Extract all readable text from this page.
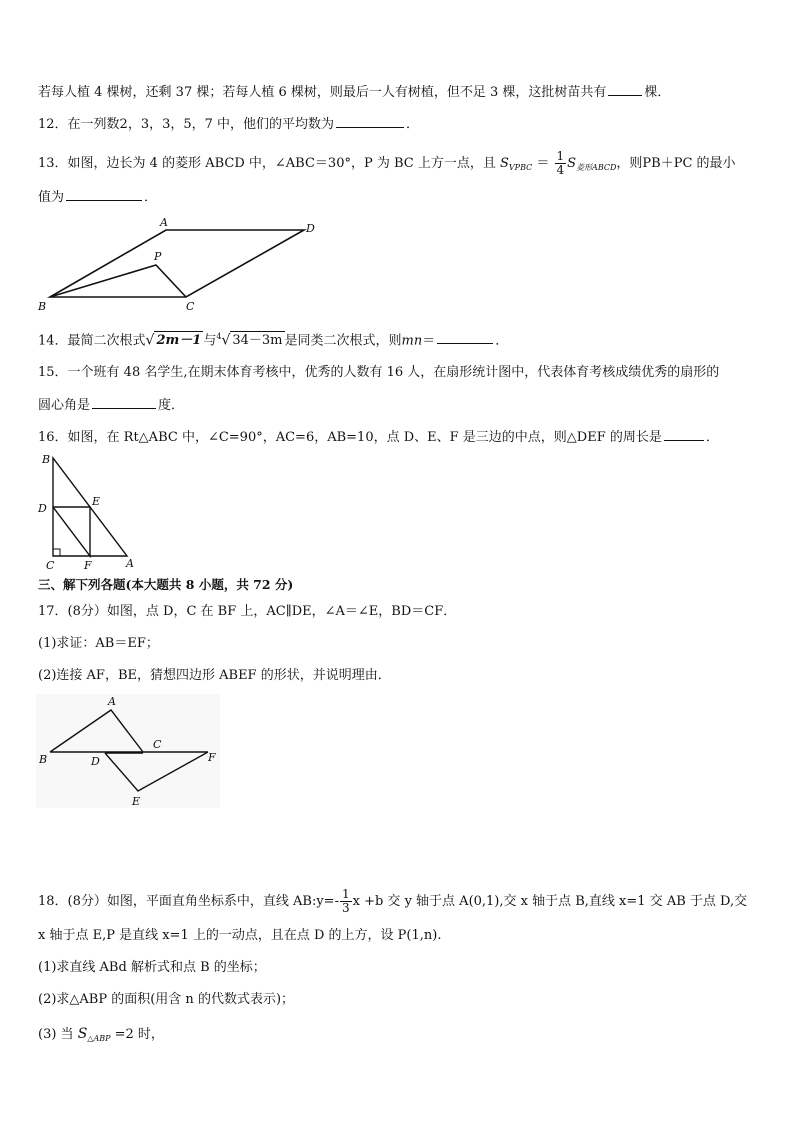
若每人植 4 棵树，还剩 37 棵；若每人植 6 棵树，则最后一人有树植，但不足 3 棵，这批树苗共有	棵．
12．在一列数2，3，3，5，7 中，他们的平均数为	．
13．如图，边长为 4 的菱形 ABCD 中，∠ABC＝30°，P 为 BC 上方一点，且 $S_{VPBC} = \frac{1}{4} S_{菱形ABCD}$，则PB＋PC 的最小
值为	．
A	D
P
B	C
14．最简二次根式√ 2m－1 与$^4$√ 34－3m 是同类二次根式，则mn＝	．
15．一个班有 48 名学生,在期末体育考核中，优秀的人数有 16 人，在扇形统计图中，代表体育考核成绩优秀的扇形的
圆心角是	度．
16．如图，在 Rt△ABC 中，∠C=90°，AC=6，AB=10，点 D、E、F 是三边的中点，则△DEF 的周长是	．
B
D
E
C	F	A
三、解下列各题(本大题共 8 小题，共 72 分)
17．(8分）如图，点 D，C 在 BF 上，AC∥DE，∠A＝∠E，BD＝CF．
(1)求证：AB＝EF；
(2)连接 AF，BE，猜想四边形 ABEF 的形状，并说明理由．
A
C
B	D	F
E
18．(8分）如图，平面直角坐标系中，直线 AB:y=- $\frac{1}{3}$ x +b 交 y 轴于点 A(0,1),交 x 轴于点 B,直线 x=1 交 AB 于点 D,交
x 轴于点 E,P 是直线 x=1 上的一动点，且在点 D 的上方，设 P(1,n).
(1)求直线 ABd 解析式和点 B 的坐标；
(2)求△ABP 的面积(用含 n 的代数式表示)；
(3) 当 $S_{\triangle ABP} =2$ 时，
